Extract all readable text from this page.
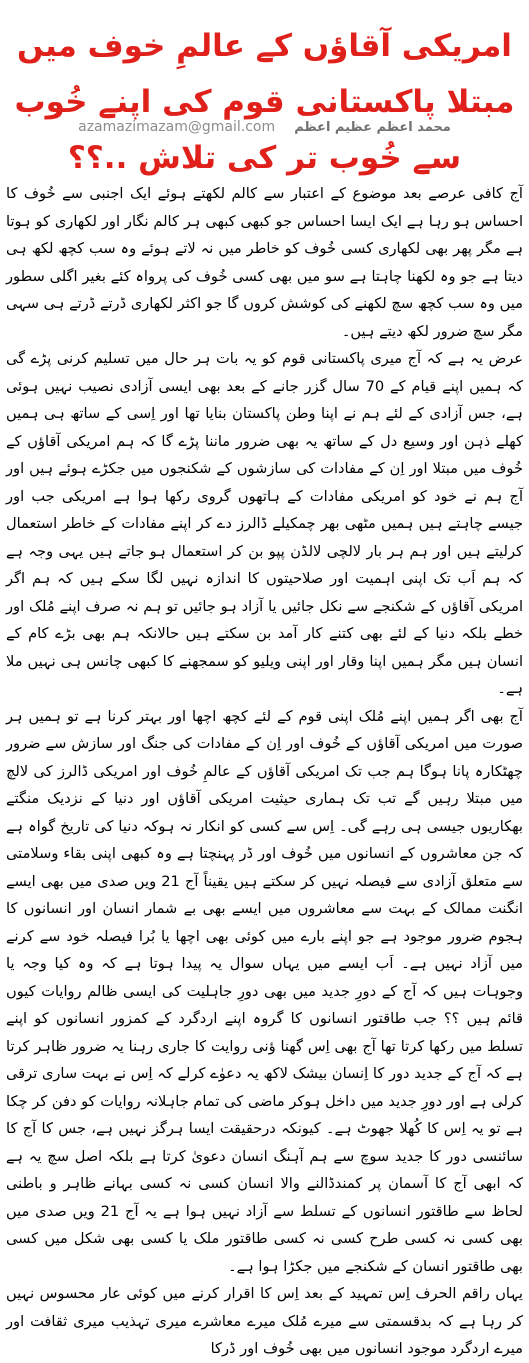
امریکی آقاؤں کے عالمِ خوف میں مبتلا پاکستانی قوم کی اپنے خُوب سے خُوب تر کی تلاش ..؟؟
azamazimazam@gmail.com محمد اعظم عظیم اعظم

آج کافی عرصے بعد موضوع کے اعتبار سے کالم لکھتے ہوئے ایک اجنبی سے خُوف کا احساس ہو رہا ہے ایک ایسا احساس جو کبھی کبھی ہر کالم نگار اور لکھاری کو ہوتا ہے مگر پھر بھی لکھاری کسی خُوف کو خاطر میں نہ لاتے ہوئے وہ سب کچھ لکھ ہی دیتا ہے جو وہ لکھنا چاہتا ہے سو میں بھی کسی خُوف کی پرواہ کئے بغیر اگلی سطور میں وہ سب کچھ سچ لکھنے کی کوشش کروں گا جو اکثر لکھاری ڈرتے ڈرتے ہی سہی مگر سچ ضرور لکھ دیتے ہیں۔

عرض یہ ہے کہ آج میری پاکستانی قوم کو یہ بات ہر حال میں تسلیم کرنی پڑے گی کہ ہمیں اپنے قیام کے 70 سال گزر جانے کے بعد بھی ایسی آزادی نصیب نہیں ہوئی ہے، جس آزادی کے لئے ہم نے اپنا وطن پاکستان بنایا تھا اور اِسی کے ساتھ ہی ہمیں کھلے ذہن اور وسیع دل کے ساتھ یہ بھی ضرور ماننا پڑے گا کہ ہم امریکی آقاؤں کے خُوف میں مبتلا اور اِن کے مفادات کی سازشوں کے شکنجوں میں جکڑے ہوئے ہیں اور آج ہم نے خود کو امریکی مفادات کے ہاتھوں گروی رکھا ہوا ہے امریکی جب اور جیسے چاہتے ہیں ہمیں مٹھی بھر چمکیلے ڈالرز دے کر اپنے مفادات کے خاطر استعمال کرلیتے ہیں اور ہم ہر بار لالچی لالڈن پپو بن کر استعمال ہو جاتے ہیں یہی وجہ ہے کہ ہم اَب تک اپنی اہمیت اور صلاحیتوں کا اندازہ نہیں لگا سکے ہیں کہ ہم اگر امریکی آقاؤں کے شکنجے سے نکل جائیں یا آزاد ہو جائیں تو ہم نہ صرف اپنے مُلک اور خطے بلکہ دنیا کے لئے بھی کتنے کار آمد بن سکتے ہیں حالانکہ ہم بھی بڑے کام کے انسان ہیں مگر ہمیں اپنا وقار اور اپنی ویلیو کو سمجھنے کا کبھی چانس ہی نہیں ملا ہے۔

آج بھی اگر ہمیں اپنے مُلک اپنی قوم کے لئے کچھ اچھا اور بہتر کرنا ہے تو ہمیں ہر صورت میں امریکی آقاؤں کے خُوف اور اِن کے مفادات کی جنگ اور سازش سے ضرور چھٹکارہ پانا ہوگا ہم جب تک امریکی آقاؤں کے عالمِ خُوف اور امریکی ڈالرز کی لالچ میں مبتلا رہیں گے تب تک ہماری حیثیت امریکی آقاؤں اور دنیا کے نزدیک منگتے بھکاریوں جیسی ہی رہے گی۔ اِس سے کسی کو انکار نہ ہوکہ دنیا کی تاریخ گواہ ہے کہ جن معاشروں کے انسانوں میں خُوف اور ڈر پہنچتا ہے وہ کبھی اپنی بقاء وسلامتی سے متعلق آزادی سے فیصلہ نہیں کر سکتے ہیں یقیناً آج 21 ویں صدی میں بھی ایسے انگنت ممالک کے بہت سے معاشروں میں ایسے بھی بے شمار انسان اور انسانوں کا ہجوم ضرور موجود ہے جو اپنے بارے میں کوئی بھی اچھا یا بُرا فیصلہ خود سے کرنے میں آزاد نہیں ہے۔ اَب ایسے میں یہاں سوال یہ پیدا ہوتا ہے کہ وہ کیا وجہ یا وجوہات ہیں کہ آج کے دورِ جدید میں بھی دورِ جاہلیت کی ایسی ظالم روایات کیوں قائم ہیں ؟؟ جب طاقتور انسانوں کا گروہ اپنے اردگرد کے کمزور انسانوں کو اپنے تسلط میں رکھا کرتا تھا آج بھی اِس گھنا ؤنی روایت کا جاری رہنا یہ ضرور ظاہر کرتا ہے کہ آج کے جدید دور کا اِنسان بیشک لاکھ یہ دعوٰے کرلے کہ اِس نے بہت ساری ترقی کرلی ہے اور دورِ جدید میں داخل ہوکر ماضی کی تمام جاہلانہ روایات کو دفن کر چکا ہے تو یہ اِس کا کُھلا جھوٹ ہے۔ کیونکہ درحقیقت ایسا ہرگز نہیں ہے، جس کا آج کا سائنسی دور کا جدید سوچ سے ہم آہنگ انسان دعویٰ کرتا ہے بلکہ اصل سچ یہ ہے کہ ابھی آج کا آسمان پر کمندڈالنے والا انسان کسی نہ کسی بہانے ظاہر و باطنی لحاظ سے طاقتور انسانوں کے تسلط سے آزاد نہیں ہوا ہے یہ آج 21 ویں صدی میں بھی کسی نہ کسی طرح کسی نہ کسی طاقتور ملک یا کسی بھی شکل میں کسی بھی طاقتور انسان کے شکنجے میں جکڑا ہوا ہے۔

یہاں راقم الحرف اِس تمہید کے بعد اِس کا اقرار کرنے میں کوئی عار محسوس نہیں کر رہا ہے کہ بدقسمتی سے میرے مُلک میرے معاشرے میری تہذیب میری ثقافت اور میرے اردگرد موجود انسانوں میں بھی خُوف اور ڈرکا
